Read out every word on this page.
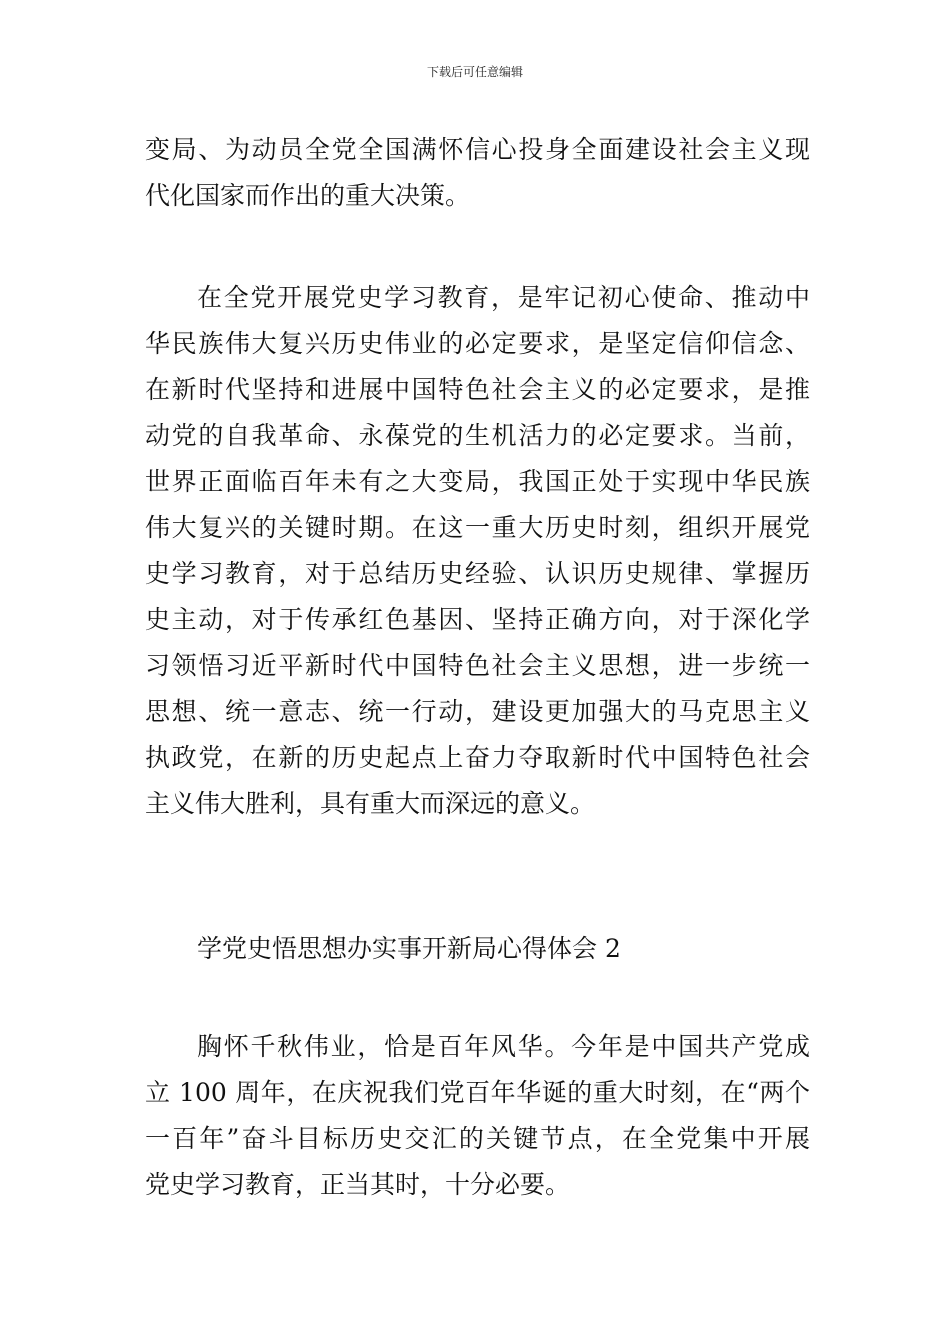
下载后可任意编辑
变局、为动员全党全国满怀信心投身全面建设社会主义现
代化国家而作出的重大决策。
在全党开展党史学习教育，是牢记初心使命、推动中
华民族伟大复兴历史伟业的必定要求，是坚定信仰信念、
在新时代坚持和进展中国特色社会主义的必定要求，是推
动党的自我革命、永葆党的生机活力的必定要求。当前，
世界正面临百年未有之大变局，我国正处于实现中华民族
伟大复兴的关键时期。在这一重大历史时刻，组织开展党
史学习教育，对于总结历史经验、认识历史规律、掌握历
史主动，对于传承红色基因、坚持正确方向，对于深化学
习领悟习近平新时代中国特色社会主义思想，进一步统一
思想、统一意志、统一行动，建设更加强大的马克思主义
执政党，在新的历史起点上奋力夺取新时代中国特色社会
主义伟大胜利，具有重大而深远的意义。
学党史悟思想办实事开新局心得体会 2
胸怀千秋伟业，恰是百年风华。今年是中国共产党成
立 100 周年，在庆祝我们党百年华诞的重大时刻，在“两个
一百年”奋斗目标历史交汇的关键节点，在全党集中开展
党史学习教育，正当其时，十分必要。
